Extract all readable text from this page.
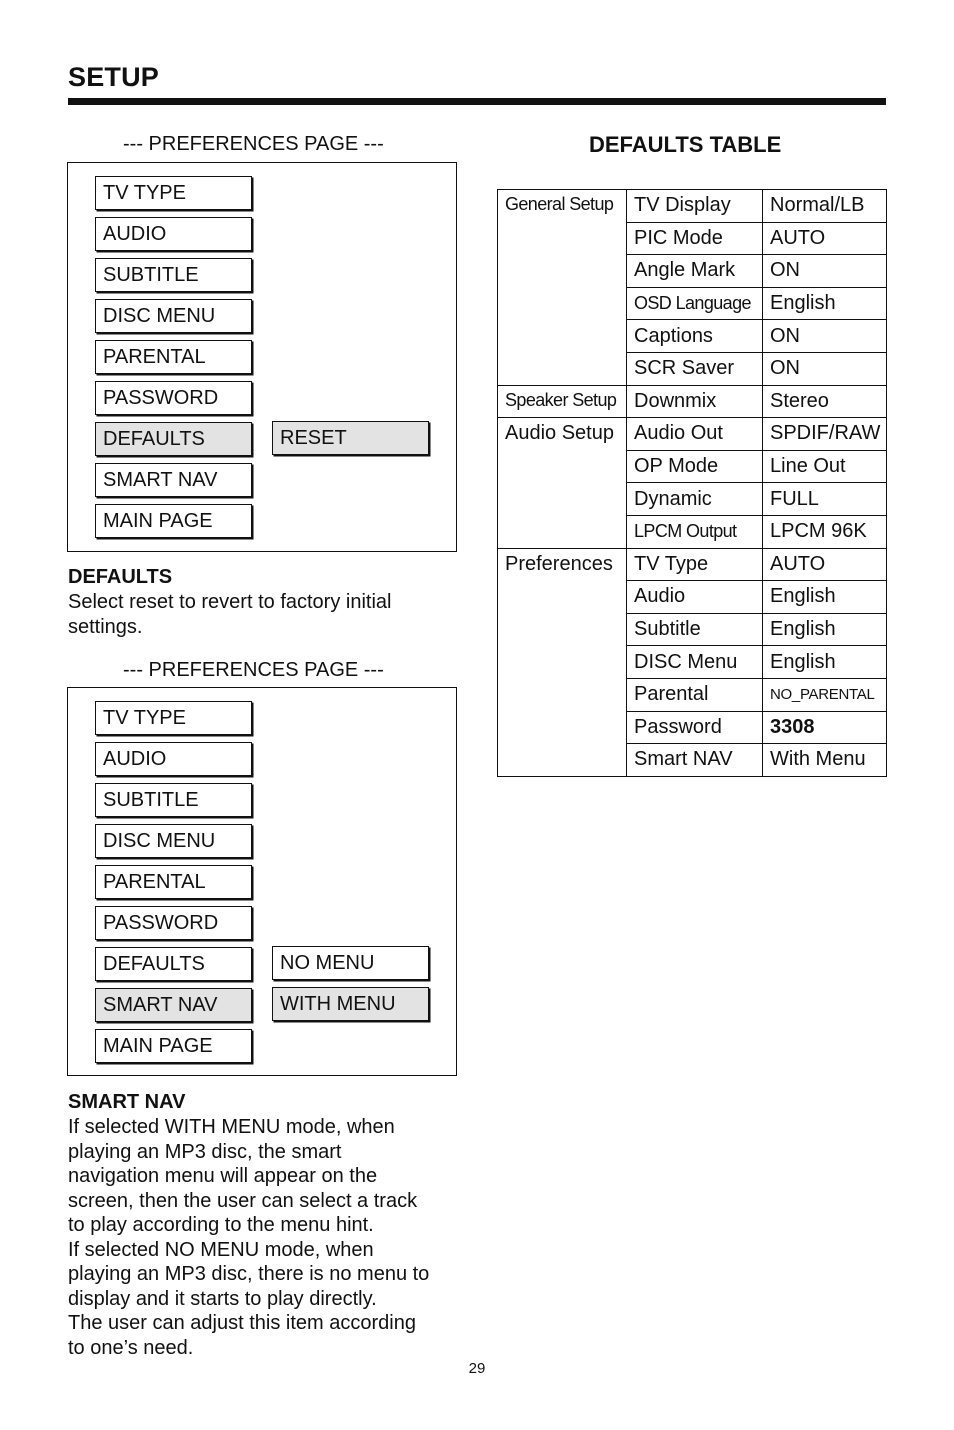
SETUP
--- PREFERENCES PAGE ---
TV TYPE
AUDIO
SUBTITLE
DISC MENU
PARENTAL
PASSWORD
DEFAULTS
SMART NAV
MAIN PAGE
RESET
DEFAULTS
Select reset to revert to factory initial
settings.
--- PREFERENCES PAGE ---
TV TYPE
AUDIO
SUBTITLE
DISC MENU
PARENTAL
PASSWORD
DEFAULTS
SMART NAV
MAIN PAGE
NO MENU
WITH MENU
SMART NAV
If selected WITH MENU mode, when
playing an MP3 disc, the smart
navigation menu will appear on the
screen, then the user can select a track
to play according to the menu hint.
If selected NO MENU mode, when
playing an MP3 disc, there is no menu to
display and it starts to play directly.
The user can adjust this item according
to one’s need.
DEFAULTS TABLE
General Setup	TV Display	Normal/LB
	PIC Mode	AUTO
	Angle Mark	ON
	OSD Language	English
	Captions	ON
	SCR Saver	ON
Speaker Setup	Downmix	Stereo
Audio Setup	Audio Out	SPDIF/RAW
	OP Mode	Line Out
	Dynamic	FULL
	LPCM Output	LPCM 96K
Preferences	TV Type	AUTO
	Audio	English
	Subtitle	English
	DISC Menu	English
	Parental	NO_PARENTAL
	Password	3308
	Smart NAV	With Menu
29
